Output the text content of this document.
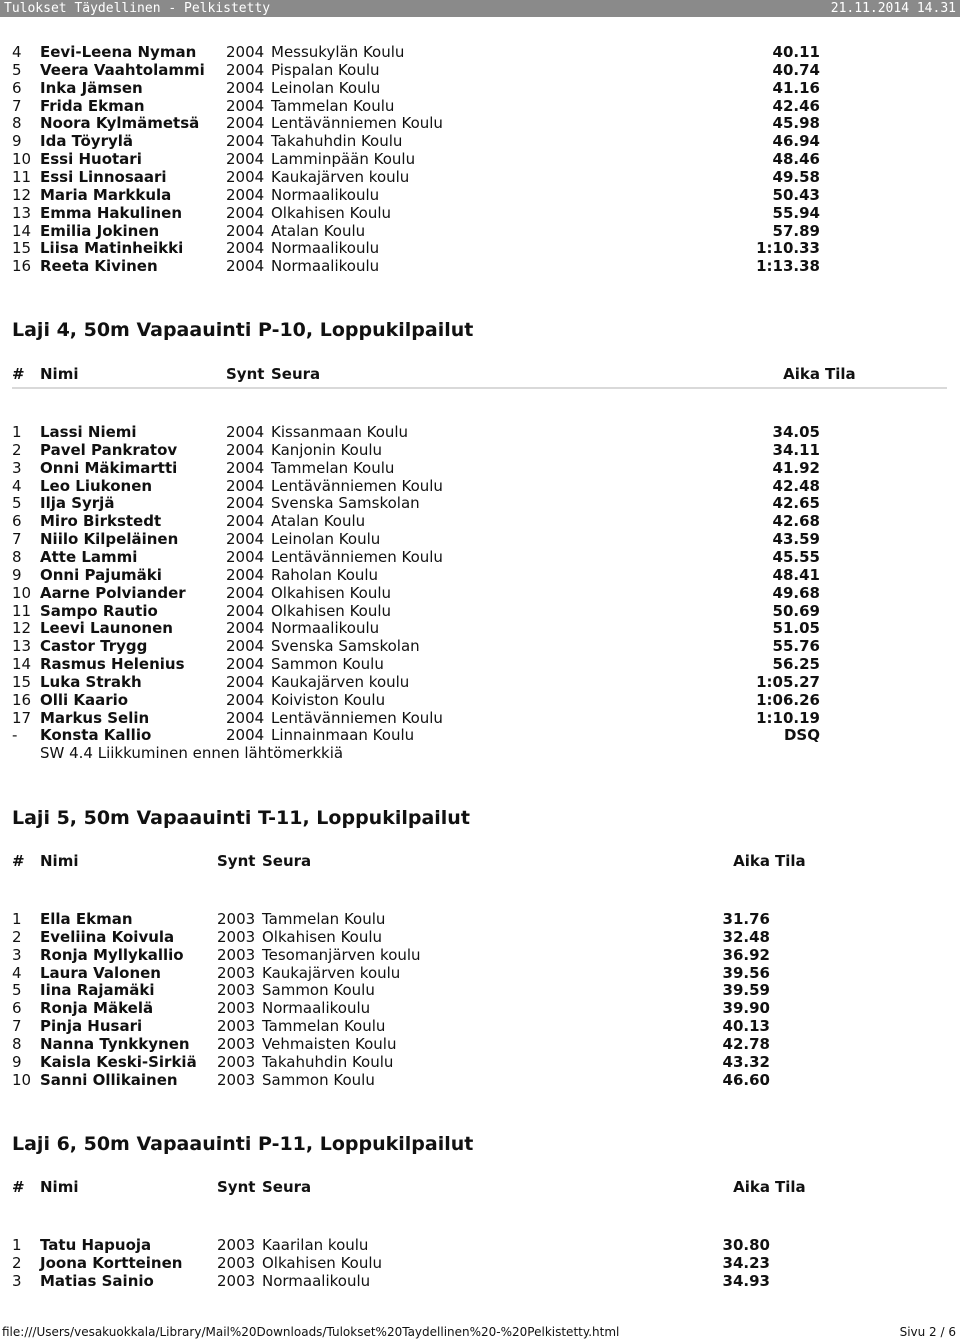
Tulokset Täydellinen - Pelkistetty	21.11.2014 14.31
4 Eevi-Leena Nyman 2004 Messukylän Koulu	40.11
5 Veera Vaahtolammi 2004 Pispalan Koulu	40.74
6 Inka Jämsen	2004 Leinolan Koulu	41.16
7 Frida Ekman	2004 Tammelan Koulu	42.46
8 Noora Kylmämetsä 2004 Lentävänniemen Koulu	45.98
9 Ida Töyrylä	2004 Takahuhdin Koulu	46.94
10 Essi Huotari	2004 Lamminpään Koulu	48.46
11 Essi Linnosaari	2004 Kaukajärven koulu	49.58
12 Maria Markkula	2004 Normaalikoulu	50.43
13 Emma Hakulinen	2004 Olkahisen Koulu	55.94
14 Emilia Jokinen	2004 Atalan Koulu	57.89
15 Liisa Matinheikki	2004 Normaalikoulu	1:10.33
16 Reeta Kivinen	2004 Normaalikoulu	1:13.38
Laji 4, 50m Vapaauinti P-10, Loppukilpailut
# Nimi	Synt Seura	Aika Tila
1 Lassi Niemi	2004 Kissanmaan Koulu	34.05
2 Pavel Pankratov	2004 Kanjonin Koulu	34.11
3 Onni Mäkimartti	2004 Tammelan Koulu	41.92
4 Leo Liukonen	2004 Lentävänniemen Koulu	42.48
5 Ilja Syrjä	2004 Svenska Samskolan	42.65
6 Miro Birkstedt	2004 Atalan Koulu	42.68
7 Niilo Kilpeläinen	2004 Leinolan Koulu	43.59
8 Atte Lammi	2004 Lentävänniemen Koulu	45.55
9 Onni Pajumäki	2004 Raholan Koulu	48.41
10 Aarne Polviander	2004 Olkahisen Koulu	49.68
11 Sampo Rautio	2004 Olkahisen Koulu	50.69
12 Leevi Launonen	2004 Normaalikoulu	51.05
13 Castor Trygg	2004 Svenska Samskolan	55.76
14 Rasmus Helenius	2004 Sammon Koulu	56.25
15 Luka Strakh	2004 Kaukajärven koulu	1:05.27
16 Olli Kaario	2004 Koiviston Koulu	1:06.26
17 Markus Selin	2004 Lentävänniemen Koulu	1:10.19
- Konsta Kallio	2004 Linnainmaan Koulu	DSQ
SW 4.4 Liikkuminen ennen lähtömerkkiä
Laji 5, 50m Vapaauinti T-11, Loppukilpailut
# Nimi	Synt Seura	Aika Tila
1 Ella Ekman	2003 Tammelan Koulu	31.76
2 Eveliina Koivula	2003 Olkahisen Koulu	32.48
3 Ronja Myllykallio 2003 Tesomanjärven koulu	36.92
4 Laura Valonen	2003 Kaukajärven koulu	39.56
5 Iina Rajamäki	2003 Sammon Koulu	39.59
6 Ronja Mäkelä	2003 Normaalikoulu	39.90
7 Pinja Husari	2003 Tammelan Koulu	40.13
8 Nanna Tynkkynen 2003 Vehmaisten Koulu	42.78
9 Kaisla Keski-Sirkiä 2003 Takahuhdin Koulu	43.32
10 Sanni Ollikainen	2003 Sammon Koulu	46.60
Laji 6, 50m Vapaauinti P-11, Loppukilpailut
# Nimi	Synt Seura	Aika Tila
1 Tatu Hapuoja	2003 Kaarilan koulu	30.80
2 Joona Kortteinen 2003 Olkahisen Koulu	34.23
3 Matias Sainio	2003 Normaalikoulu	34.93
file:///Users/vesakuokkala/Library/Mail%20Downloads/Tulokset%20Taydellinen%20-%20Pelkistetty.html	Sivu 2 / 6
